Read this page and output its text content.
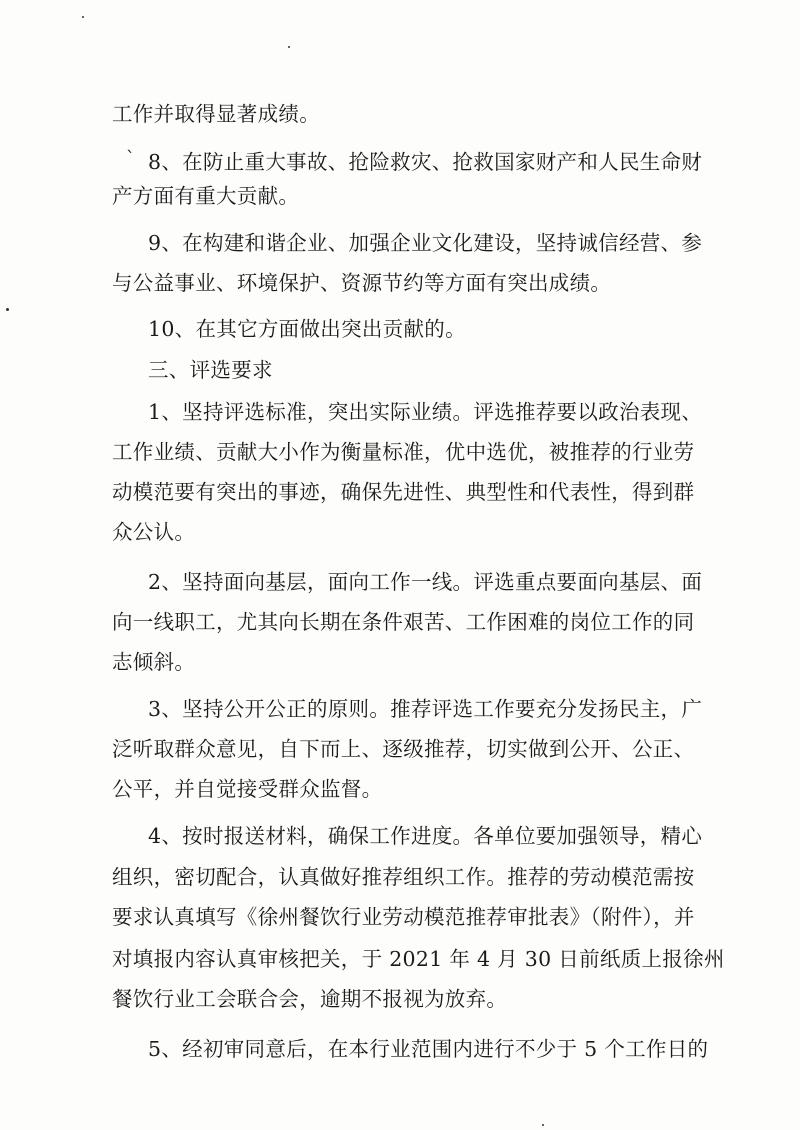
`
工作并取得显著成绩。
8、在防止重大事故、抢险救灾、抢救国家财产和人民生命财
产方面有重大贡献。
9、在构建和谐企业、加强企业文化建设，坚持诚信经营、参
与公益事业、环境保护、资源节约等方面有突出成绩。
10、在其它方面做出突出贡献的。
三、评选要求
1、坚持评选标准，突出实际业绩。评选推荐要以政治表现、
工作业绩、贡献大小作为衡量标准，优中选优，被推荐的行业劳
动模范要有突出的事迹，确保先进性、典型性和代表性，得到群
众公认。
2、坚持面向基层，面向工作一线。评选重点要面向基层、面
向一线职工，尤其向长期在条件艰苦、工作困难的岗位工作的同
志倾斜。
3、坚持公开公正的原则。推荐评选工作要充分发扬民主，广
泛听取群众意见，自下而上、逐级推荐，切实做到公开、公正、
公平，并自觉接受群众监督。
4、按时报送材料，确保工作进度。各单位要加强领导，精心
组织，密切配合，认真做好推荐组织工作。推荐的劳动模范需按
要求认真填写《徐州餐饮行业劳动模范推荐审批表》（附件），并
对填报内容认真审核把关，于 2021 年 4 月 30 日前纸质上报徐州
餐饮行业工会联合会，逾期不报视为放弃。
5、经初审同意后，在本行业范围内进行不少于 5 个工作日的
